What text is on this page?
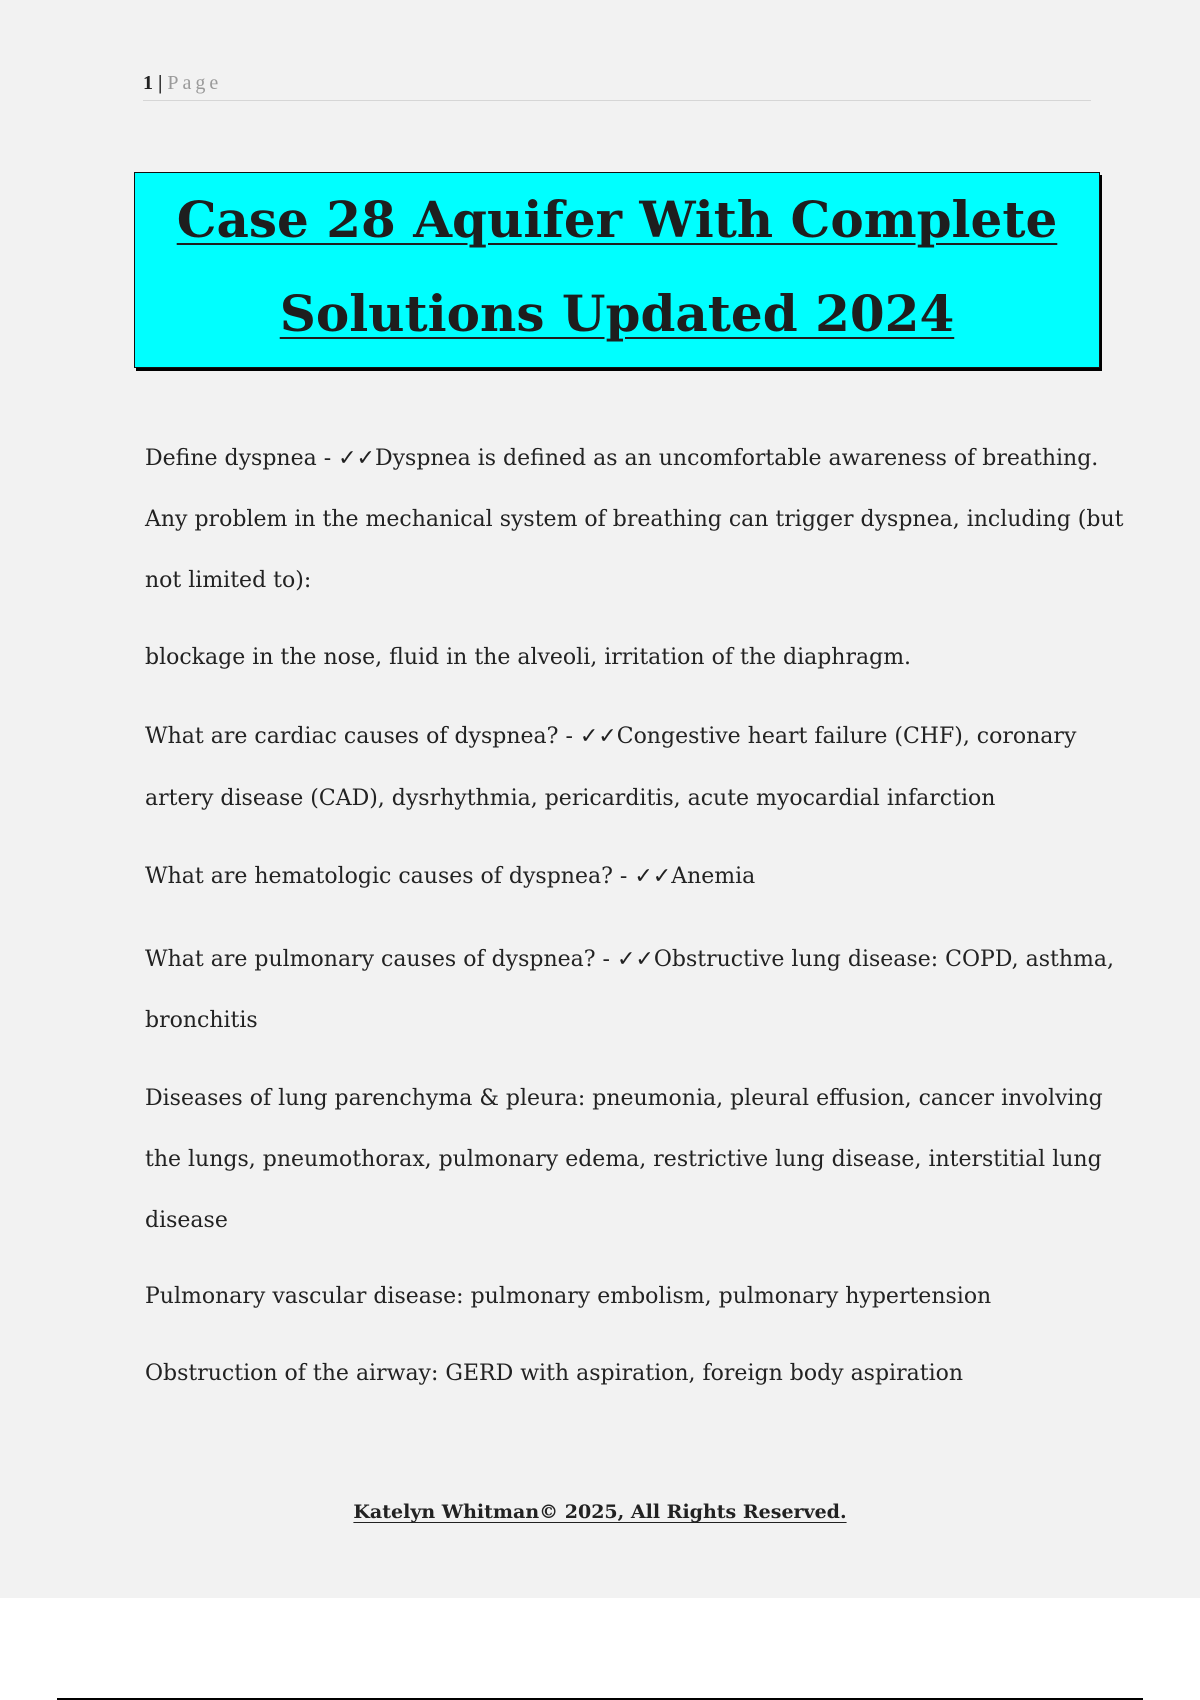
1 | Page
Case 28 Aquifer With Complete
Solutions Updated 2024
Define dyspnea - ✓✓Dyspnea is defined as an uncomfortable awareness of breathing.
Any problem in the mechanical system of breathing can trigger dyspnea, including (but
not limited to):
blockage in the nose, fluid in the alveoli, irritation of the diaphragm.
What are cardiac causes of dyspnea? - ✓✓Congestive heart failure (CHF), coronary
artery disease (CAD), dysrhythmia, pericarditis, acute myocardial infarction
What are hematologic causes of dyspnea? - ✓✓Anemia
What are pulmonary causes of dyspnea? - ✓✓Obstructive lung disease: COPD, asthma,
bronchitis
Diseases of lung parenchyma & pleura: pneumonia, pleural effusion, cancer involving
the lungs, pneumothorax, pulmonary edema, restrictive lung disease, interstitial lung
disease
Pulmonary vascular disease: pulmonary embolism, pulmonary hypertension
Obstruction of the airway: GERD with aspiration, foreign body aspiration
Katelyn Whitman© 2025, All Rights Reserved.
